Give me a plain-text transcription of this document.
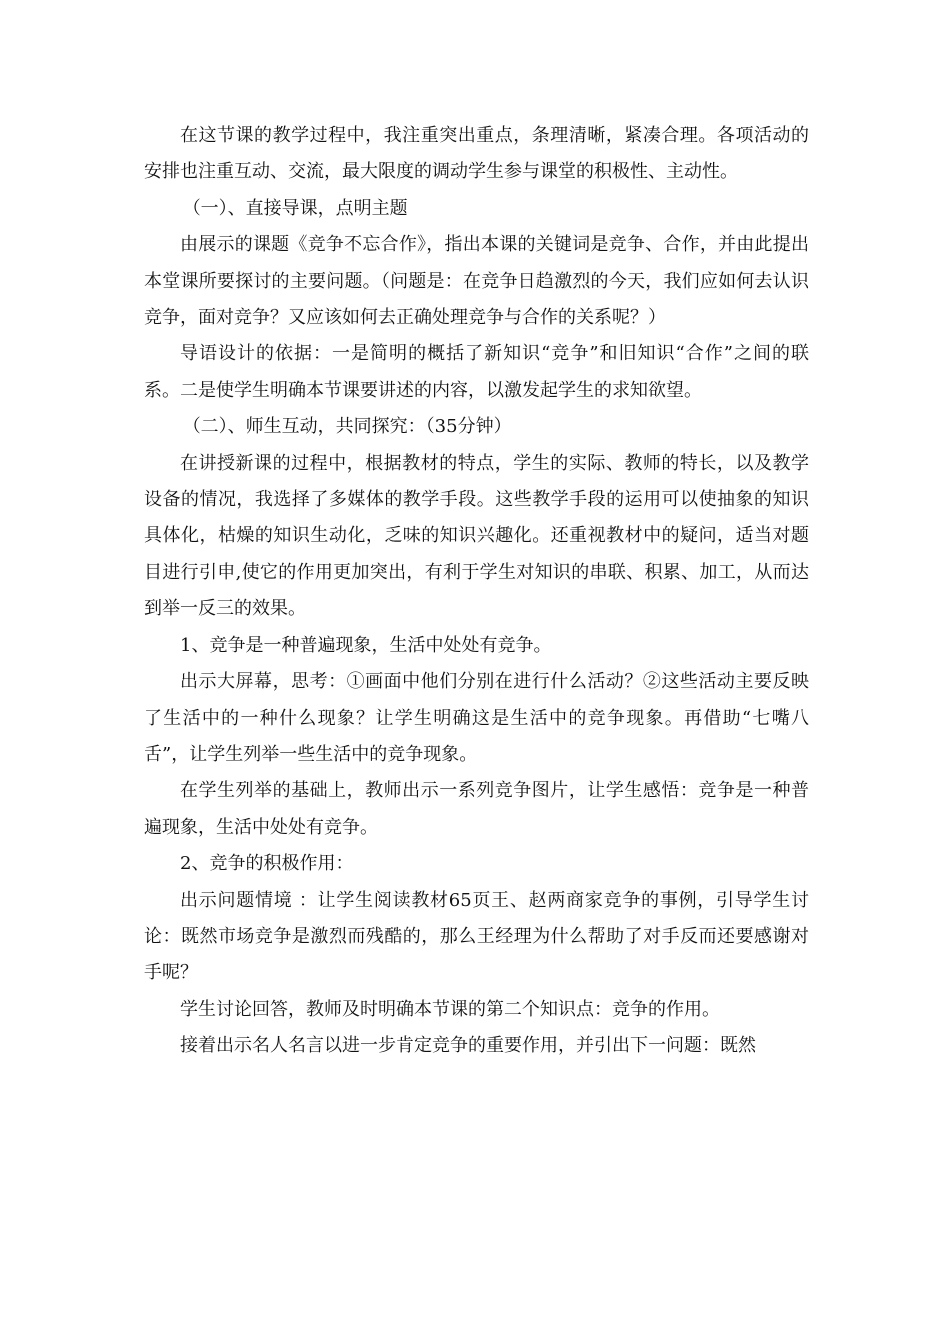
在这节课的教学过程中，我注重突出重点，条理清晰，紧凑合理。各项活动的安排也注重互动、交流，最大限度的调动学生参与课堂的积极性、主动性。

（一）、直接导课，点明主题

由展示的课题《竞争不忘合作》，指出本课的关键词是竞争、合作，并由此提出本堂课所要探讨的主要问题。（问题是：在竞争日趋激烈的今天，我们应如何去认识竞争，面对竞争？又应该如何去正确处理竞争与合作的关系呢？）

导语设计的依据：一是简明的概括了新知识“竞争”和旧知识“合作”之间的联系。二是使学生明确本节课要讲述的内容，以激发起学生的求知欲望。

（二）、师生互动，共同探究：（35分钟）

在讲授新课的过程中，根据教材的特点，学生的实际、教师的特长，以及教学设备的情况，我选择了多媒体的教学手段。这些教学手段的运用可以使抽象的知识具体化，枯燥的知识生动化，乏味的知识兴趣化。还重视教材中的疑问，适当对题目进行引申,使它的作用更加突出，有利于学生对知识的串联、积累、加工，从而达到举一反三的效果。

1、竞争是一种普遍现象，生活中处处有竞争。

出示大屏幕，思考：①画面中他们分别在进行什么活动？②这些活动主要反映了生活中的一种什么现象？让学生明确这是生活中的竞争现象。再借助“七嘴八舌”，让学生列举一些生活中的竞争现象。

在学生列举的基础上，教师出示一系列竞争图片，让学生感悟：竞争是一种普遍现象，生活中处处有竞争。

2、竞争的积极作用：

出示问题情境 ：让学生阅读教材65页王、赵两商家竞争的事例，引导学生讨论：既然市场竞争是激烈而残酷的，那么王经理为什么帮助了对手反而还要感谢对手呢？

学生讨论回答，教师及时明确本节课的第二个知识点：竞争的作用。

接着出示名人名言以进一步肯定竞争的重要作用，并引出下一问题：既然
